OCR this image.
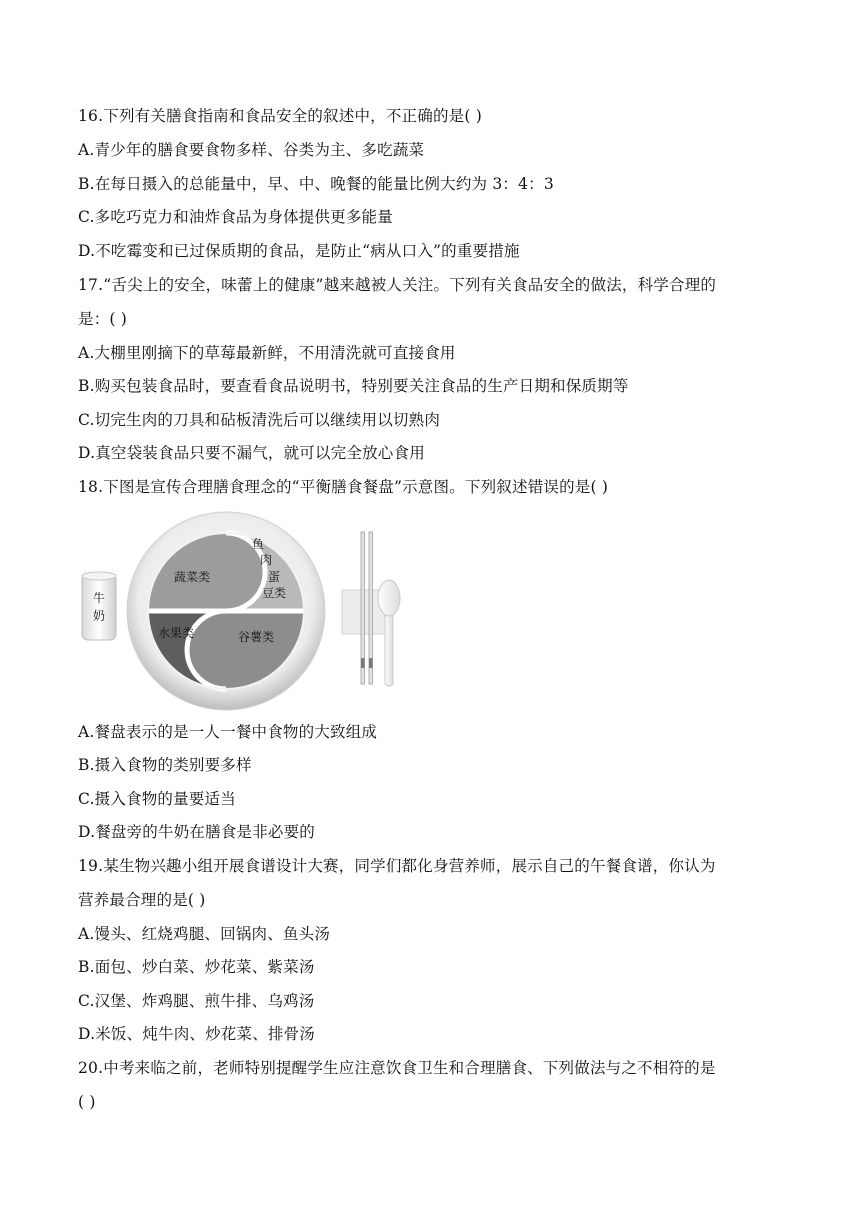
16.下列有关膳食指南和食品安全的叙述中，不正确的是( )
A.青少年的膳食要食物多样、谷类为主、多吃蔬菜
B.在每日摄入的总能量中，早、中、晚餐的能量比例大约为 3：4：3
C.多吃巧克力和油炸食品为身体提供更多能量
D.不吃霉变和已过保质期的食品，是防止“病从口入”的重要措施
17.“舌尖上的安全，味蕾上的健康”越来越被人关注。下列有关食品安全的做法，科学合理的
是：( )
A.大棚里刚摘下的草莓最新鲜，不用清洗就可直接食用
B.购买包装食品时，要查看食品说明书，特别要关注食品的生产日期和保质期等
C.切完生肉的刀具和砧板清洗后可以继续用以切熟肉
D.真空袋装食品只要不漏气，就可以完全放心食用
18.下图是宣传合理膳食理念的“平衡膳食餐盘”示意图。下列叙述错误的是( )
牛
奶
蔬菜类
鱼
肉
蛋
豆类
水果类	谷薯类
A.餐盘表示的是一人一餐中食物的大致组成
B.摄入食物的类别要多样
C.摄入食物的量要适当
D.餐盘旁的牛奶在膳食是非必要的
19.某生物兴趣小组开展食谱设计大赛，同学们都化身营养师，展示自己的午餐食谱，你认为
营养最合理的是( )
A.馒头、红烧鸡腿、回锅肉、鱼头汤
B.面包、炒白菜、炒花菜、紫菜汤
C.汉堡、炸鸡腿、煎牛排、乌鸡汤
D.米饭、炖牛肉、炒花菜、排骨汤
20.中考来临之前，老师特别提醒学生应注意饮食卫生和合理膳食、下列做法与之不相符的是
( )
